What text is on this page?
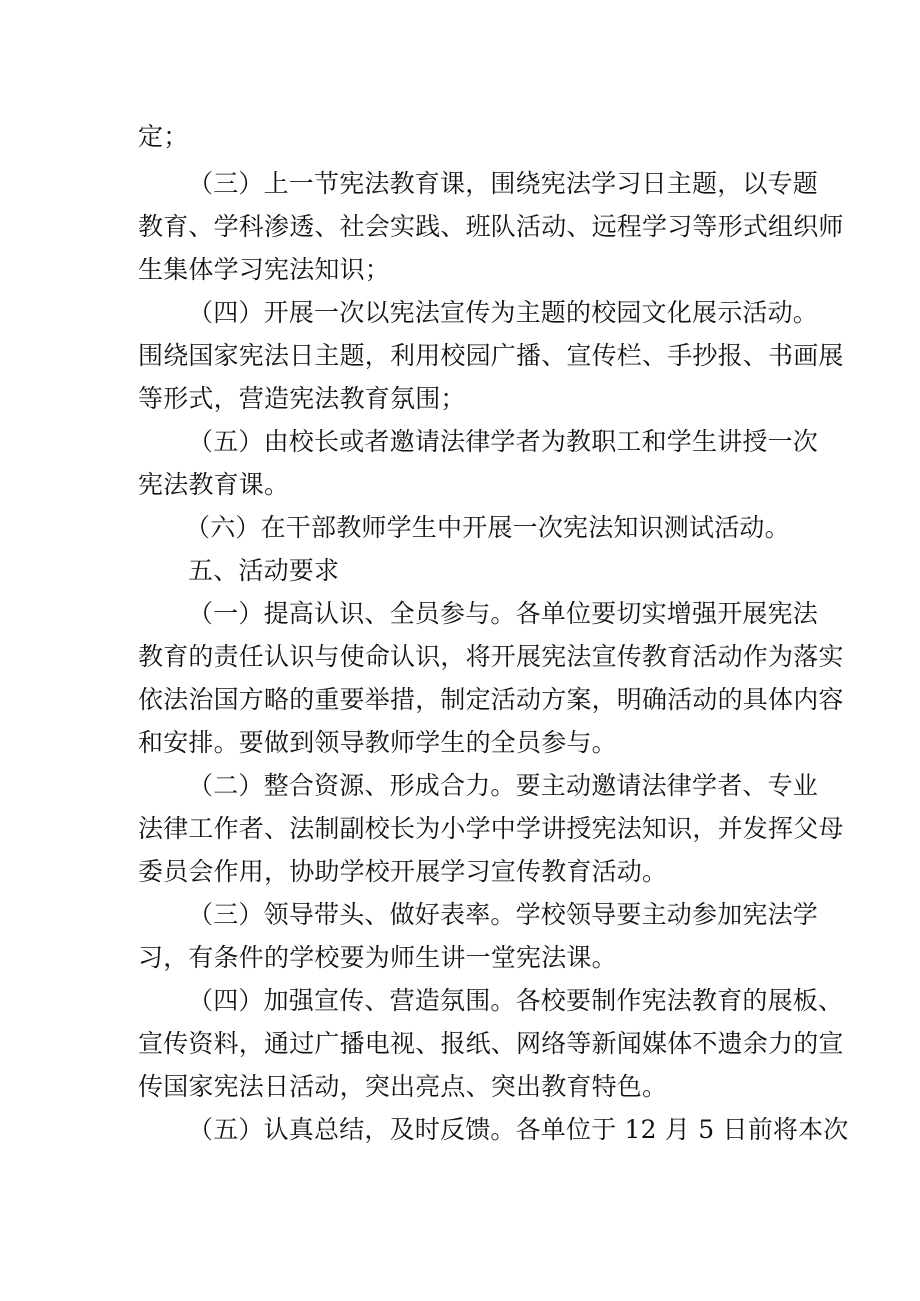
定；
（三）上一节宪法教育课，围绕宪法学习日主题，以专题
教育、学科渗透、社会实践、班队活动、远程学习等形式组织师
生集体学习宪法知识；
（四）开展一次以宪法宣传为主题的校园文化展示活动。
围绕国家宪法日主题，利用校园广播、宣传栏、手抄报、书画展
等形式，营造宪法教育氛围；
（五）由校长或者邀请法律学者为教职工和学生讲授一次
宪法教育课。
（六）在干部教师学生中开展一次宪法知识测试活动。
五、活动要求
（一）提高认识、全员参与。各单位要切实增强开展宪法
教育的责任认识与使命认识，将开展宪法宣传教育活动作为落实
依法治国方略的重要举措，制定活动方案，明确活动的具体内容
和安排。要做到领导教师学生的全员参与。
（二）整合资源、形成合力。要主动邀请法律学者、专业
法律工作者、法制副校长为小学中学讲授宪法知识，并发挥父母
委员会作用，协助学校开展学习宣传教育活动。
（三）领导带头、做好表率。学校领导要主动参加宪法学
习，有条件的学校要为师生讲一堂宪法课。
（四）加强宣传、营造氛围。各校要制作宪法教育的展板、
宣传资料，通过广播电视、报纸、网络等新闻媒体不遗余力的宣
传国家宪法日活动，突出亮点、突出教育特色。
（五）认真总结，及时反馈。各单位于 12 月 5 日前将本次
